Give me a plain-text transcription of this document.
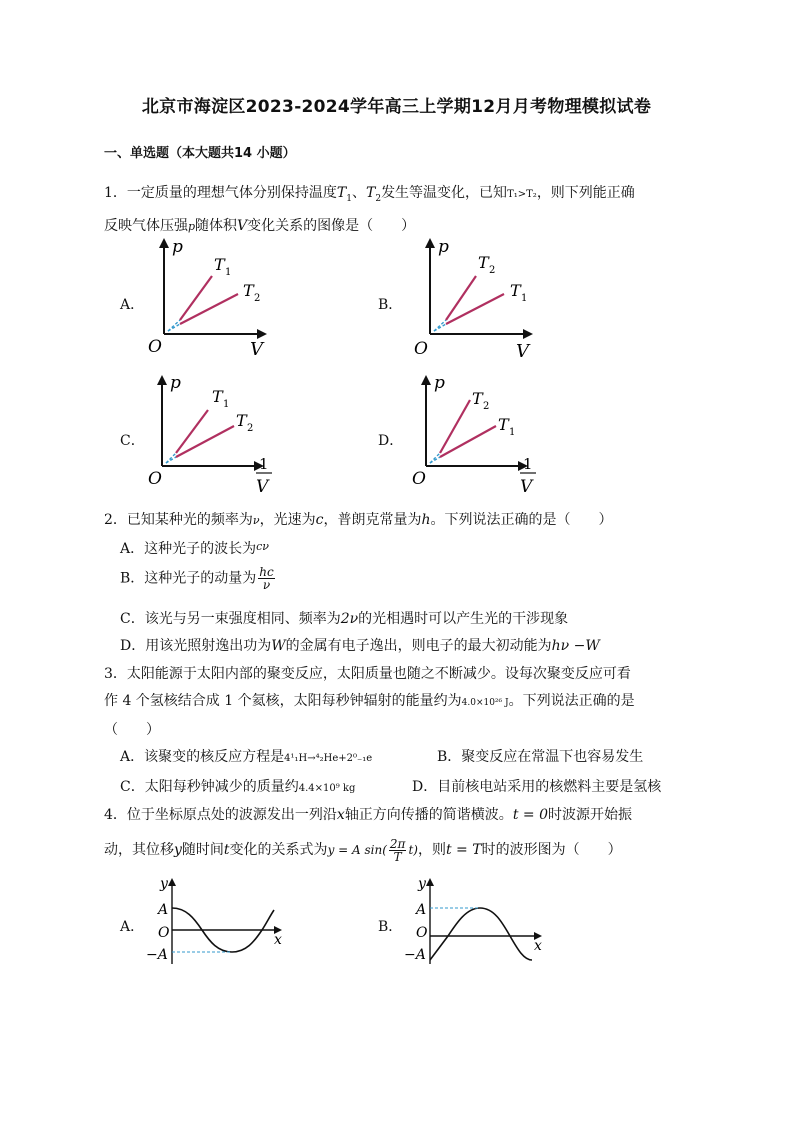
北京市海淀区2023-2024学年高三上学期12月月考物理模拟试卷
一、单选题（本大题共14 小题）
1．一定质量的理想气体分别保持温度$T_1$、$T_2$发生等温变化，已知T₁>T₂，则下列能正确
反映气体压强p随体积V变化关系的图像是（　　）
A．
p
O	V
T 1
T 2	B．
p
O	V
T 2
T 1
C．
p
O
1
V
T 1
T 2
D．
p
O
1
V
T 2
T 1
2．已知某种光的频率为ν，光速为c，普朗克常量为h。下列说法正确的是（　　）
A．这种光子的波长为$^{c\nu}$
B．这种光子的动量为 $\frac{hc}{\nu}$
C．该光与另一束强度相同、频率为2ν的光相遇时可以产生光的干涉现象
D．用该光照射逸出功为W的金属有电子逸出，则电子的最大初动能为hν −W
3．太阳能源于太阳内部的聚变反应，太阳质量也随之不断减少。设每次聚变反应可看
作 4 个氢核结合成 1 个氦核，太阳每秒钟辐射的能量约为4.0×10²⁶ J。下列说法正确的是
（　　）
A．该聚变的核反应方程是4¹₁H→⁴₂He+2⁰₋₁e	B．聚变反应在常温下也容易发生
C．太阳每秒钟减少的质量约4.4×10⁹ kg	D．目前核电站采用的核燃料主要是氢核
4．位于坐标原点处的波源发出一列沿x轴正方向传播的简谐横波。t = 0时波源开始振
动，其位移y随时间t变化的关系式为y = A $\sin( \frac{2\pi}{T} t)$，则t = T时的波形图为（　　）
A．
y
A
O
−A
x
B．
y
A
O
−A
x
